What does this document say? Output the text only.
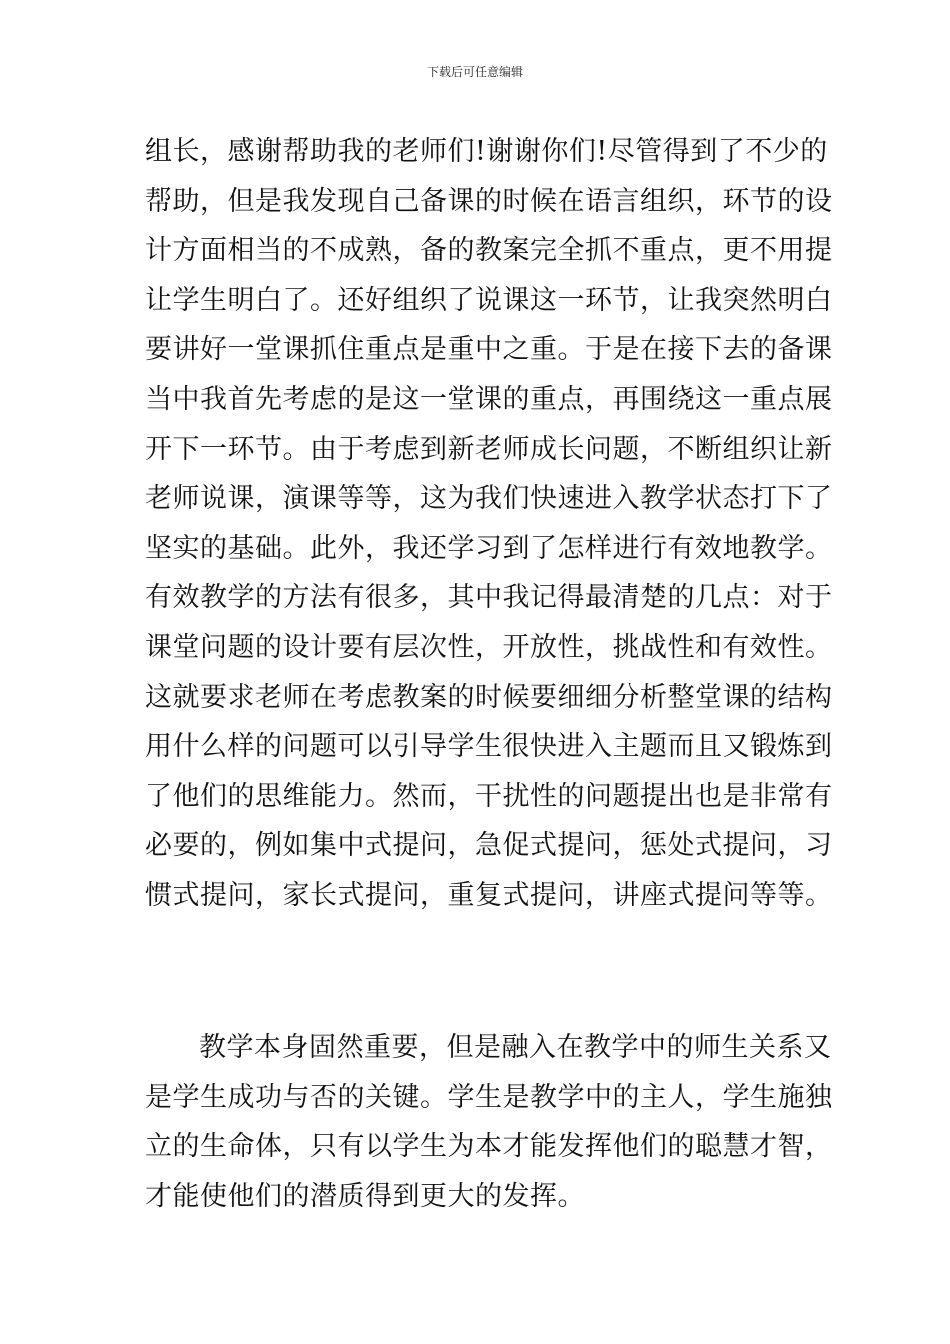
下载后可任意编辑
组长，感谢帮助我的老师们!谢谢你们!尽管得到了不少的
帮助，但是我发现自己备课的时候在语言组织，环节的设
计方面相当的不成熟，备的教案完全抓不重点，更不用提
让学生明白了。还好组织了说课这一环节，让我突然明白
要讲好一堂课抓住重点是重中之重。于是在接下去的备课
当中我首先考虑的是这一堂课的重点，再围绕这一重点展
开下一环节。由于考虑到新老师成长问题，不断组织让新
老师说课，演课等等，这为我们快速进入教学状态打下了
坚实的基础。此外，我还学习到了怎样进行有效地教学。
有效教学的方法有很多，其中我记得最清楚的几点：对于
课堂问题的设计要有层次性，开放性，挑战性和有效性。
这就要求老师在考虑教案的时候要细细分析整堂课的结构
用什么样的问题可以引导学生很快进入主题而且又锻炼到
了他们的思维能力。然而，干扰性的问题提出也是非常有
必要的，例如集中式提问，急促式提问，惩处式提问，习
惯式提问，家长式提问，重复式提问，讲座式提问等等。
教学本身固然重要，但是融入在教学中的师生关系又
是学生成功与否的关键。学生是教学中的主人，学生施独
立的生命体，只有以学生为本才能发挥他们的聪慧才智，
才能使他们的潜质得到更大的发挥。
